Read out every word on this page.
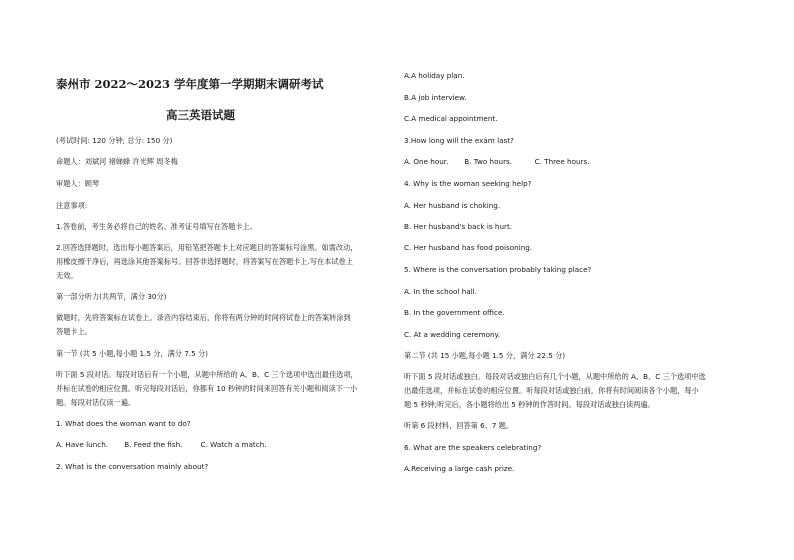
泰州市 2022～2023 学年度第一学期期末调研考试
高三英语试题
(考试时间: 120 分钟; 总分: 150 分)
命题人：刘斌河 褚娣蜂 许光辉 周冬梅
审题人：顾琴
注意事项:
1.答卷前，考生务必将自己的姓名、准考证号填写在答题卡上。
2.回答选择题时，选出每小题答案后，用铅笔把答题卡上对应题目的答案标号涂黑。如需改动，
用橡皮擦干净后，再选涂其他答案标号。回答非选择题时，将答案写在答题卡上.写在本试卷上
无效。
第一部分听力(共两节，满分 30分)
做题时，先将答案标在试卷上。录音内容结束后，你将有两分钟的时间将试卷上的答案转涂到
答题卡上。
第一节 (共 5 小题,每小题 1.5 分，满分 7.5 分)
听下面 5 段对话。每段对话后有一个小题，从题中所给的 A、B、C 三个选项中选出最佳选项，
并标在试卷的相应位置。听完每段对话后，你都有 10 秒钟的时间来回答有关小题和阅读下一小
题。每段对话仅读一遍。
1. What does the woman want to do?
A. Have lunch. B. Feed the fish.	C. Watch a match.
2. What is the conversation mainly about?
A.A holiday plan.
B.A job interview.
C.A medical appointment.
3.How long will the exam last?
A. One hour. B. Two hours.	C. Three hours.
4. Why is the woman seeking help?
A. Her husband is choking.
B. Her husband's back is hurt.
C. Her husband has food poisoning.
5. Where is the conversation probably taking place?
A. In the school hall.
B. In the government office.
C. At a wedding ceremony.
第二节 (共 15 小题,每小题 1.5 分，满分 22.5 分)
听下面 5 段对话或独白。每段对话或独白后有几个小题，从题中所给的 A、B、C 三个选项中选
出最佳选项，并标在试卷的相应位置。听每段对话或独白前，你将有时间阅读各个小题，每小
题 5 秒钟;听完后，各小题将给出 5 秒钟的作答时间。每段对话或独白读两遍。
听第 6 段材料，回答第 6、7 题。
6. What are the speakers celebrating?
A.Receiving a large cash prize.
